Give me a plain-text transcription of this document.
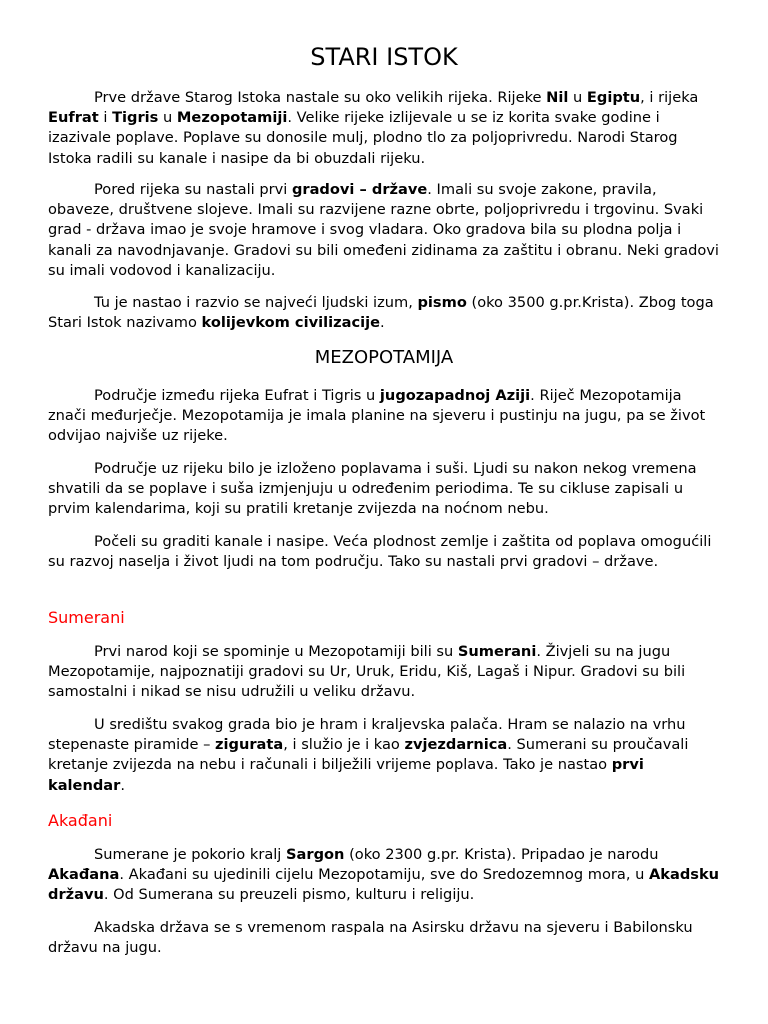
STARI ISTOK

Prve države Starog Istoka nastale su oko velikih rijeka. Rijeke Nil u Egiptu, i rijeka Eufrat i Tigris u Mezopotamiji. Velike rijeke izlijevale u se iz korita svake godine i izazivale poplave. Poplave su donosile mulj, plodno tlo za poljoprivredu. Narodi Starog Istoka radili su kanale i nasipe da bi obuzdali rijeku.

Pored rijeka su nastali prvi gradovi – države. Imali su svoje zakone, pravila, obaveze, društvene slojeve. Imali su razvijene razne obrte, poljoprivredu i trgovinu. Svaki grad - država imao je svoje hramove i svog vladara. Oko gradova bila su plodna polja i kanali za navodnjavanje. Gradovi su bili omeđeni zidinama za zaštitu i obranu. Neki gradovi su imali vodovod i kanalizaciju.

Tu je nastao i razvio se najveći ljudski izum, pismo (oko 3500 g.pr.Krista). Zbog toga Stari Istok nazivamo kolijevkom civilizacije.

MEZOPOTAMIJA

Područje između rijeka Eufrat i Tigris u jugozapadnoj Aziji. Riječ Mezopotamija znači međurječje. Mezopotamija je imala planine na sjeveru i pustinju na jugu, pa se život odvijao najviše uz rijeke.

Područje uz rijeku bilo je izloženo poplavama i suši. Ljudi su nakon nekog vremena shvatili da se poplave i suša izmjenjuju u određenim periodima. Te su cikluse zapisali u prvim kalendarima, koji su pratili kretanje zvijezda na noćnom nebu.

Počeli su graditi kanale i nasipe. Veća plodnost zemlje i zaštita od poplava omogućili su razvoj naselja i život ljudi na tom području. Tako su nastali prvi gradovi – države.

Sumerani

Prvi narod koji se spominje u Mezopotamiji bili su Sumerani. Živjeli su na jugu Mezopotamije, najpoznatiji gradovi su Ur, Uruk, Eridu, Kiš, Lagaš i Nipur. Gradovi su bili samostalni i nikad se nisu udružili u veliku državu.

U središtu svakog grada bio je hram i kraljevska palača. Hram se nalazio na vrhu stepenaste piramide – zigurata, i služio je i kao zvjezdarnica. Sumerani su proučavali kretanje zvijezda na nebu i računali i bilježili vrijeme poplava. Tako je nastao prvi kalendar.

Akađani

Sumerane je pokorio kralj Sargon (oko 2300 g.pr. Krista). Pripadao je narodu Akađana. Akađani su ujedinili cijelu Mezopotamiju, sve do Sredozemnog mora, u Akadsku državu. Od Sumerana su preuzeli pismo, kulturu i religiju.

Akadska država se s vremenom raspala na Asirsku državu na sjeveru i Babilonsku državu na jugu.
